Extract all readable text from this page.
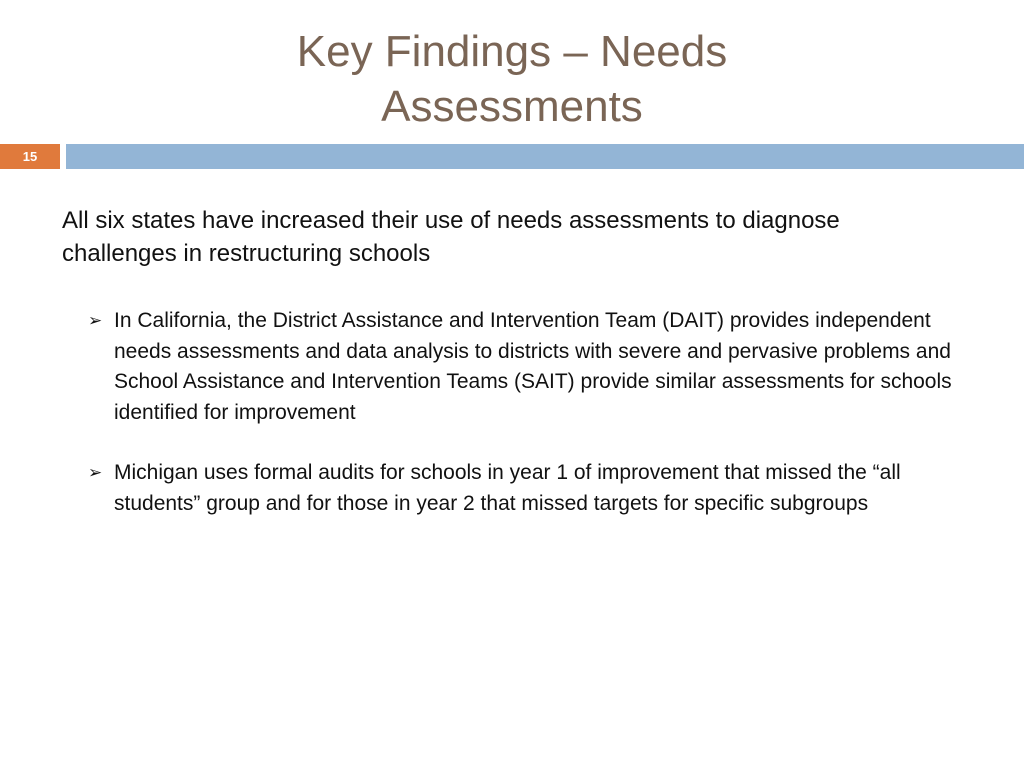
Key Findings – Needs
Assessments
15

All six states have increased their use of needs assessments to diagnose challenges in restructuring schools

➢ In California, the District Assistance and Intervention Team (DAIT) provides independent needs assessments and data analysis to districts with severe and pervasive problems and School Assistance and Intervention Teams (SAIT) provide similar assessments for schools identified for improvement
➢ Michigan uses formal audits for schools in year 1 of improvement that missed the “all students” group and for those in year 2 that missed targets for specific subgroups
